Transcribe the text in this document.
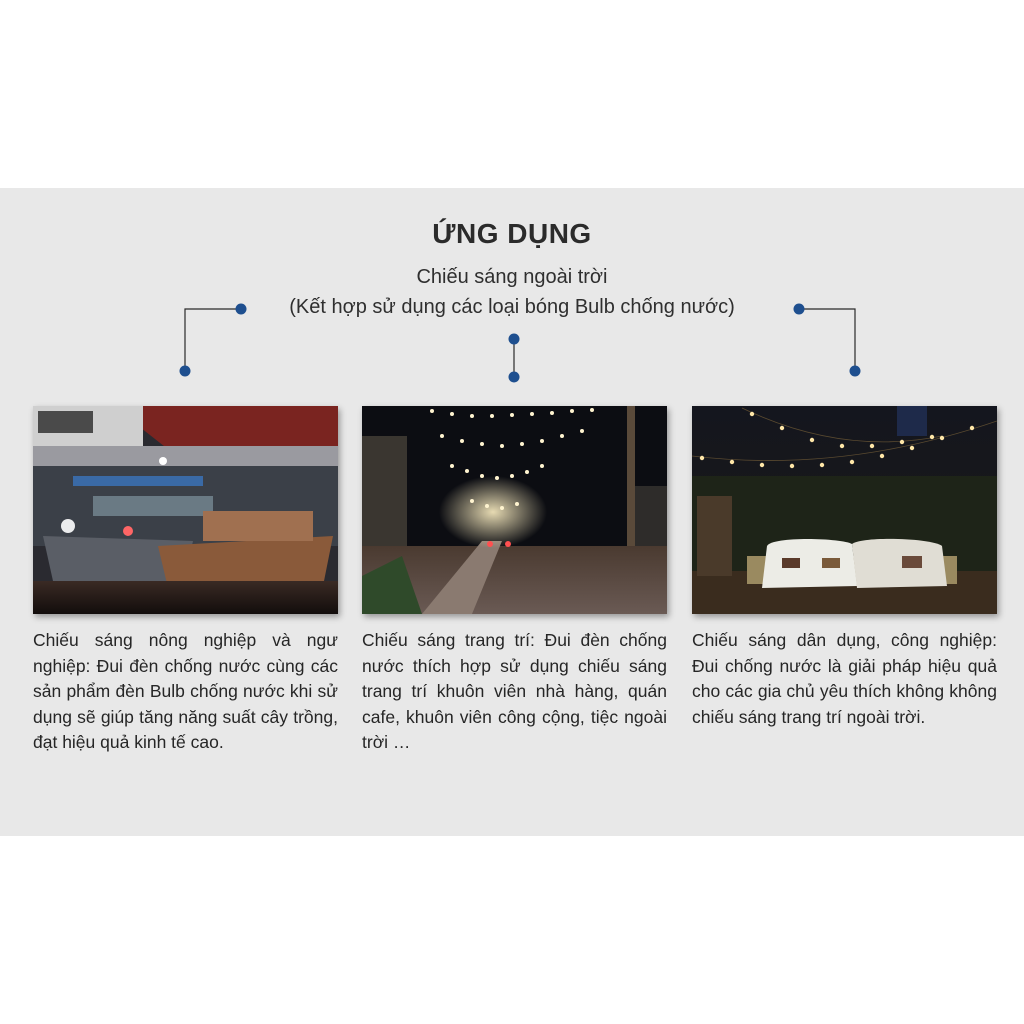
ỨNG DỤNG
Chiếu sáng ngoài trời
(Kết hợp sử dụng các loại bóng Bulb chống nước)
Chiếu sáng nông nghiệp và ngư nghiệp: Đui đèn chống nước cùng các sản phẩm đèn Bulb chống nước khi sử dụng sẽ giúp tăng năng suất cây trồng, đạt hiệu quả kinh tế cao.
Chiếu sáng trang trí: Đui đèn chống nước thích hợp sử dụng chiếu sáng trang trí khuôn viên nhà hàng, quán cafe, khuôn viên công cộng, tiệc ngoài trời …
Chiếu sáng dân dụng, công nghiệp: Đui chống nước là giải pháp hiệu quả cho các gia chủ yêu thích không không chiếu sáng trang trí ngoài trời.
